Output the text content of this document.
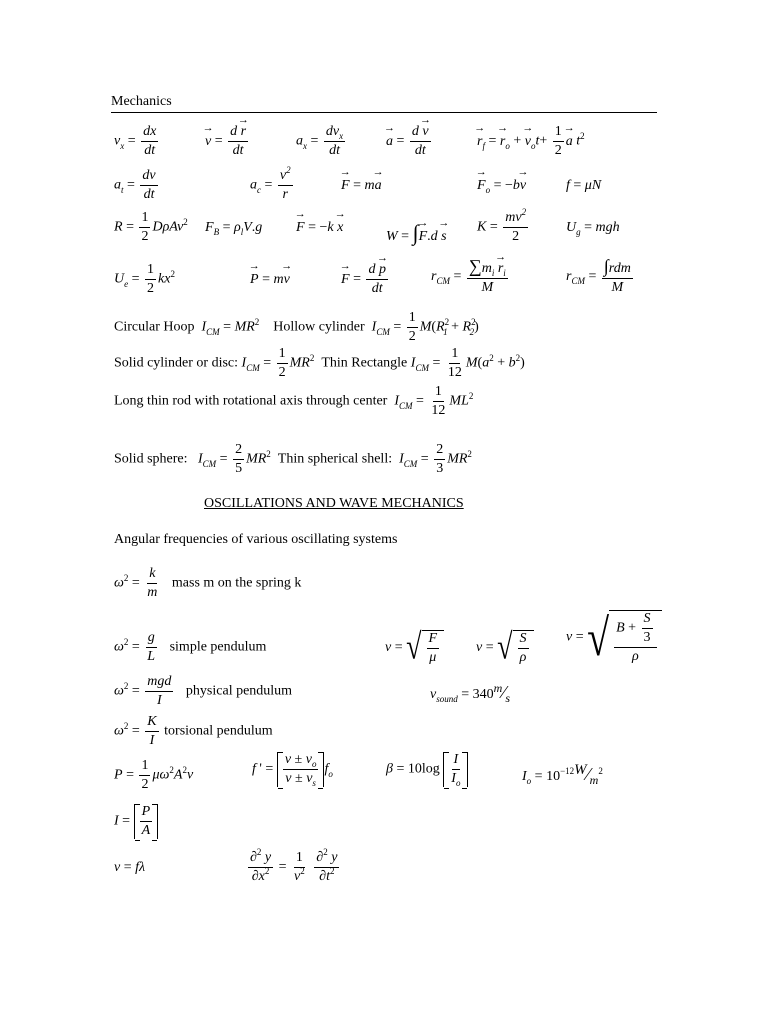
Mechanics
$v_x = \frac{dx}{dt}$
→	$v = \frac{d \to r}{dt}$	$a_x = \frac{dv_x}{dt}$
→	$a = \frac{d \to v}{dt}$
→	$r_f$ = → $r_o$ + → $v_ot+ \frac{1}{2}$
→ a $t^2$
$a_t = \frac{dv}{dt}$	$a_c = \frac{v^2}{r}$
→	F = m→ a
→	$F_o = -b\to v$	f = μN
$R = \frac{1}{2} D\rho Av^2$ $F_B = \rho_lV.g$
→ F = −k → x
W = ∫→ F.d → s
$K = \frac{mv^2}{2}$	$U_g$ = mgh
$U_e = \frac{1}{2} kx^2$
→	P = m→ v
→	$F = \frac{d \to p}{dt}$	$r_{CM} = \frac{\sum m_i \to r_i}{M}$	$r_{CM} = \frac{\text{∫rdm}}{M}$
Circular Hoop $I_{CM} = MR^2$ Hollow cylinder $I_{CM} = \frac{1}{2} M(R^2_1 + R^2_2)$
Solid cylinder or disc: $I_{CM} = \frac{1}{2} MR^2$ Thin Rectangle $I_{CM} = \frac{1}{12} M(a^2 + b^2)$
Long thin rod with rotational axis through center $I_{CM} = \frac{1}{12} ML^2$
Solid sphere: $I_{CM} = \frac{2}{5} MR^2$ Thin spherical shell: $I_{CM} = \frac{2}{3} MR^2$
OSCILLATIONS AND WAVE MECHANICS
Angular frequencies of various oscillating systems
$\omega^2 = \frac{k}{m}$ mass m on the spring k
$\omega^2 = \frac{g}{L}$ simple pendulum	v = √ $\frac{F}{\mu}$	v = √ $\frac{S}{\rho}$	v = √ $\frac{B + \frac{S}{3}}{\rho}$
$\omega^2 = \frac{\text{mgd}}{I}$ physical pendulum	$v_{sound}$ = 340m⁄s
$\omega^2 = \frac{K}{I}$ torsional pendulum
$P = \frac{1}{2} \mu\omega^2A^2v$	f ' = $\frac{v \pm v_o}{v \pm v_s} f_o$	$\beta = 10\log \frac{I}{I_o}$	$I_o$ = $10^{-12}W⁄m^2$
$I = \frac{P}{A}$
v = fλ	$\frac{\partial^2 y}{\partial x^2} = \frac{1}{v^2}$
$\frac{\partial^2 y}{\partial t^2}$
